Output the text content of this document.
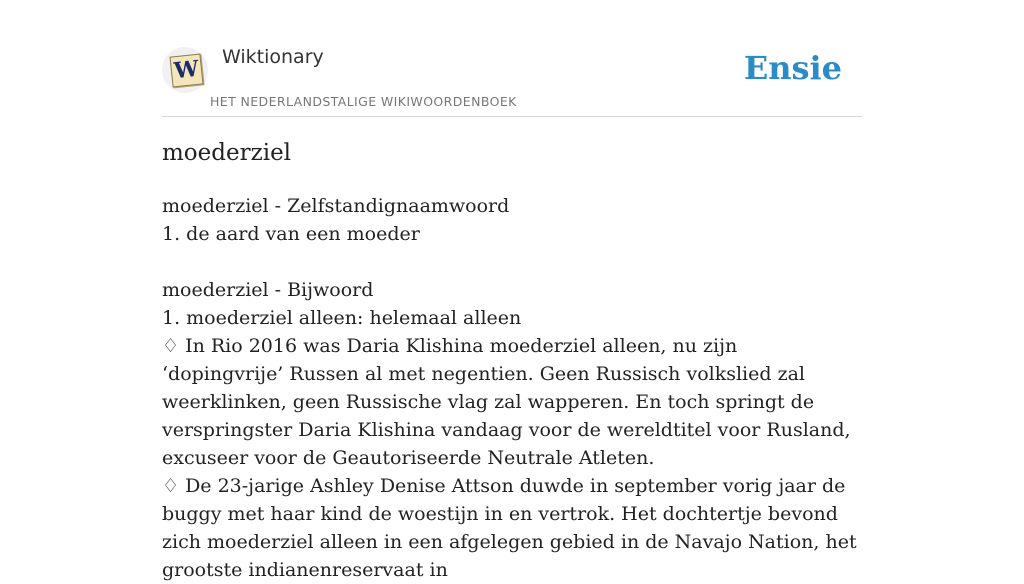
W Wiktionary
HET NEDERLANDSTALIGE WIKIWOORDENBOEK
Ensie
moederziel
moederziel - Zelfstandignaamwoord
1. de aard van een moeder
moederziel - Bijwoord
1. moederziel alleen: helemaal alleen
♢ In Rio 2016 was Daria Klishina moederziel alleen, nu zijn ‘dopingvrije’ Russen al met negentien. Geen Russisch volkslied zal weerklinken, geen Russische vlag zal wapperen. En toch springt de verspringster Daria Klishina vandaag voor de wereldtitel voor Rusland, excuseer voor de Geautoriseerde Neutrale Atleten.
♢ De 23-jarige Ashley Denise Attson duwde in september vorig jaar de buggy met haar kind de woestijn in en vertrok. Het dochtertje bevond zich moederziel alleen in een afgelegen gebied in de Navajo Nation, het grootste indianenreservaat in
